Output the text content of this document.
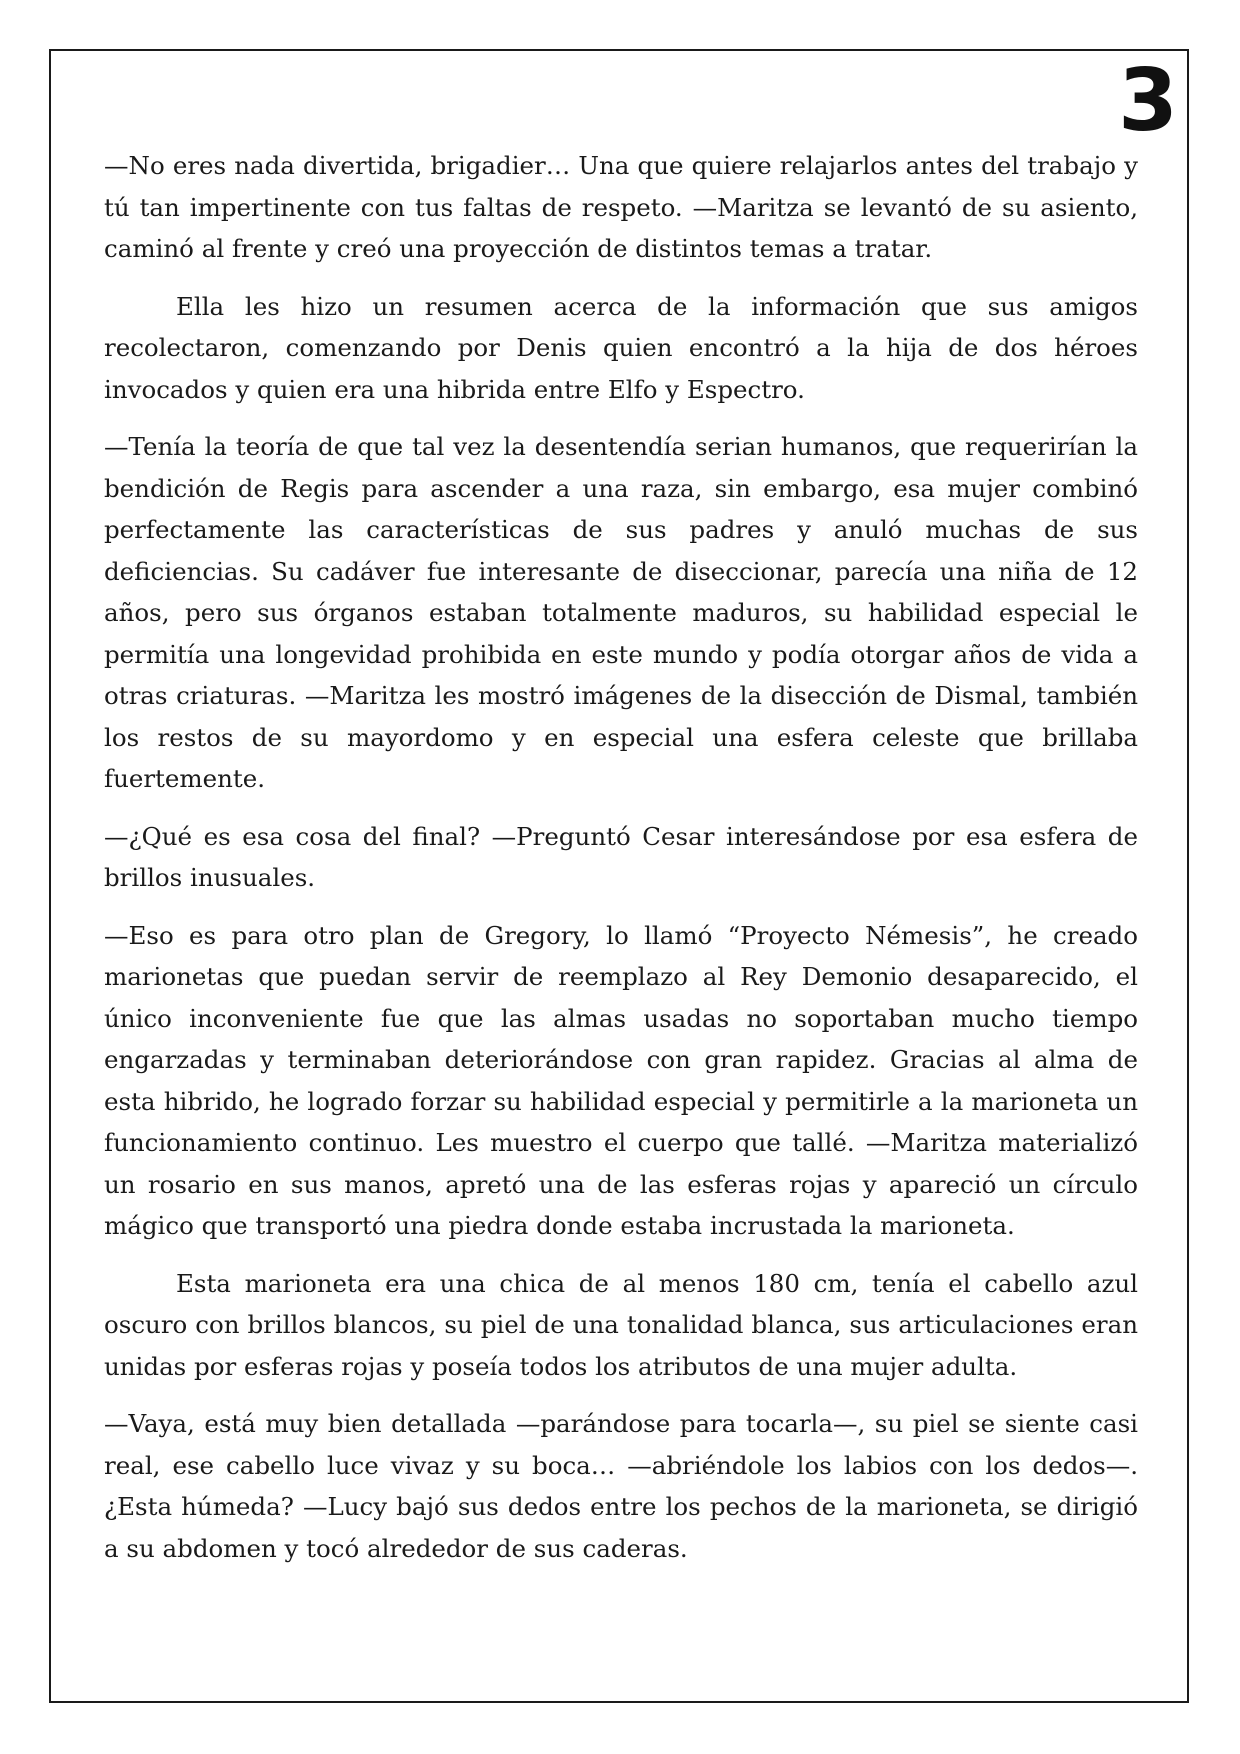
3

—No eres nada divertida, brigadier… Una que quiere relajarlos antes del trabajo y tú tan impertinente con tus faltas de respeto. —Maritza se levantó de su asiento, caminó al frente y creó una proyección de distintos temas a tratar.

Ella les hizo un resumen acerca de la información que sus amigos recolectaron, comenzando por Denis quien encontró a la hija de dos héroes invocados y quien era una hibrida entre Elfo y Espectro.

—Tenía la teoría de que tal vez la desentendía serian humanos, que requerirían la bendición de Regis para ascender a una raza, sin embargo, esa mujer combinó perfectamente las características de sus padres y anuló muchas de sus deficiencias. Su cadáver fue interesante de diseccionar, parecía una niña de 12 años, pero sus órganos estaban totalmente maduros, su habilidad especial le permitía una longevidad prohibida en este mundo y podía otorgar años de vida a otras criaturas. —Maritza les mostró imágenes de la disección de Dismal, también los restos de su mayordomo y en especial una esfera celeste que brillaba fuertemente.

—¿Qué es esa cosa del final? —Preguntó Cesar interesándose por esa esfera de brillos inusuales.

—Eso es para otro plan de Gregory, lo llamó “Proyecto Némesis”, he creado marionetas que puedan servir de reemplazo al Rey Demonio desaparecido, el único inconveniente fue que las almas usadas no soportaban mucho tiempo engarzadas y terminaban deteriorándose con gran rapidez. Gracias al alma de esta hibrido, he logrado forzar su habilidad especial y permitirle a la marioneta un funcionamiento continuo. Les muestro el cuerpo que tallé. —Maritza materializó un rosario en sus manos, apretó una de las esferas rojas y apareció un círculo mágico que transportó una piedra donde estaba incrustada la marioneta.

Esta marioneta era una chica de al menos 180 cm, tenía el cabello azul oscuro con brillos blancos, su piel de una tonalidad blanca, sus articulaciones eran unidas por esferas rojas y poseía todos los atributos de una mujer adulta.

—Vaya, está muy bien detallada —parándose para tocarla—, su piel se siente casi real, ese cabello luce vivaz y su boca… —abriéndole los labios con los dedos—. ¿Esta húmeda? —Lucy bajó sus dedos entre los pechos de la marioneta, se dirigió a su abdomen y tocó alrededor de sus caderas.
